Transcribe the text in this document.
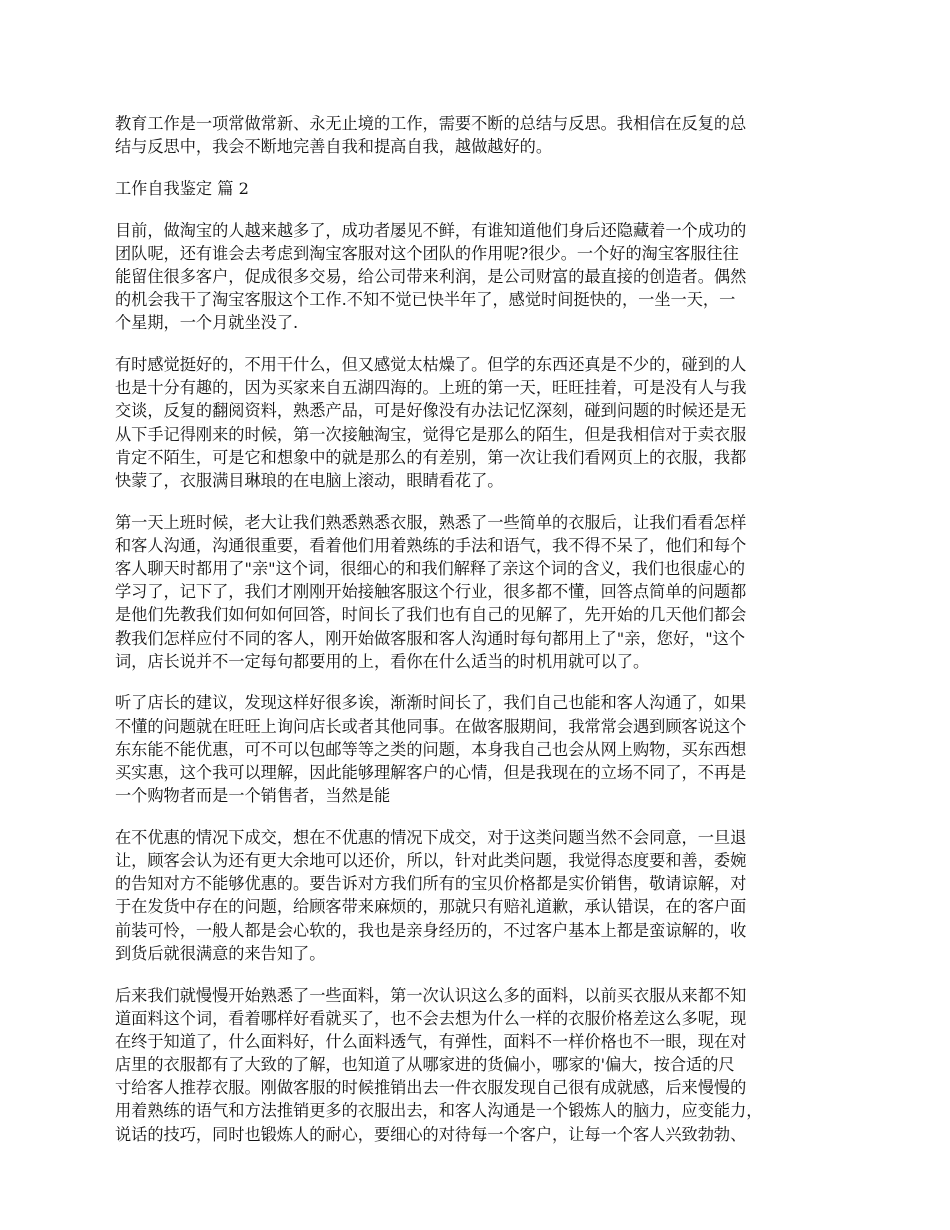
教育工作是一项常做常新、永无止境的工作，需要不断的总结与反思。我相信在反复的总
结与反思中，我会不断地完善自我和提高自我，越做越好的。

工作自我鉴定 篇 2

目前，做淘宝的人越来越多了，成功者屡见不鲜，有谁知道他们身后还隐藏着一个成功的
团队呢，还有谁会去考虑到淘宝客服对这个团队的作用呢?很少。一个好的淘宝客服往往
能留住很多客户，促成很多交易，给公司带来利润，是公司财富的最直接的创造者。偶然
的机会我干了淘宝客服这个工作.不知不觉已快半年了，感觉时间挺快的，一坐一天，一
个星期，一个月就坐没了.

有时感觉挺好的，不用干什么，但又感觉太枯燥了。但学的东西还真是不少的，碰到的人
也是十分有趣的，因为买家来自五湖四海的。上班的第一天，旺旺挂着，可是没有人与我
交谈，反复的翻阅资料，熟悉产品，可是好像没有办法记忆深刻，碰到问题的时候还是无
从下手记得刚来的时候，第一次接触淘宝，觉得它是那么的陌生，但是我相信对于卖衣服
肯定不陌生，可是它和想象中的就是那么的有差别，第一次让我们看网页上的衣服，我都
快蒙了，衣服满目琳琅的在电脑上滚动，眼睛看花了。

第一天上班时候，老大让我们熟悉熟悉衣服，熟悉了一些简单的衣服后，让我们看看怎样
和客人沟通，沟通很重要，看着他们用着熟练的手法和语气，我不得不呆了，他们和每个
客人聊天时都用了"亲"这个词，很细心的和我们解释了亲这个词的含义，我们也很虚心的
学习了，记下了，我们才刚刚开始接触客服这个行业，很多都不懂，回答点简单的问题都
是他们先教我们如何如何回答，时间长了我们也有自己的见解了，先开始的几天他们都会
教我们怎样应付不同的客人，刚开始做客服和客人沟通时每句都用上了"亲，您好，"这个
词，店长说并不一定每句都要用的上，看你在什么适当的时机用就可以了。

听了店长的建议，发现这样好很多诶，渐渐时间长了，我们自己也能和客人沟通了，如果
不懂的问题就在旺旺上询问店长或者其他同事。在做客服期间，我常常会遇到顾客说这个
东东能不能优惠，可不可以包邮等等之类的问题，本身我自己也会从网上购物，买东西想
买实惠，这个我可以理解，因此能够理解客户的心情，但是我现在的立场不同了，不再是
一个购物者而是一个销售者，当然是能

在不优惠的情况下成交，想在不优惠的情况下成交，对于这类问题当然不会同意，一旦退
让，顾客会认为还有更大余地可以还价，所以，针对此类问题，我觉得态度要和善，委婉
的告知对方不能够优惠的。要告诉对方我们所有的宝贝价格都是实价销售，敬请谅解，对
于在发货中存在的问题，给顾客带来麻烦的，那就只有赔礼道歉，承认错误，在的客户面
前装可怜，一般人都是会心软的，我也是亲身经历的，不过客户基本上都是蛮谅解的，收
到货后就很满意的来告知了。

后来我们就慢慢开始熟悉了一些面料，第一次认识这么多的面料，以前买衣服从来都不知
道面料这个词，看着哪样好看就买了，也不会去想为什么一样的衣服价格差这么多呢，现
在终于知道了，什么面料好，什么面料透气，有弹性，面料不一样价格也不一眼，现在对
店里的衣服都有了大致的了解，也知道了从哪家进的货偏小，哪家的'偏大，按合适的尺
寸给客人推荐衣服。刚做客服的时候推销出去一件衣服发现自己很有成就感，后来慢慢的
用着熟练的语气和方法推销更多的衣服出去，和客人沟通是一个锻炼人的脑力，应变能力，
说话的技巧，同时也锻炼人的耐心，要细心的对待每一个客户，让每一个客人兴致勃勃、
